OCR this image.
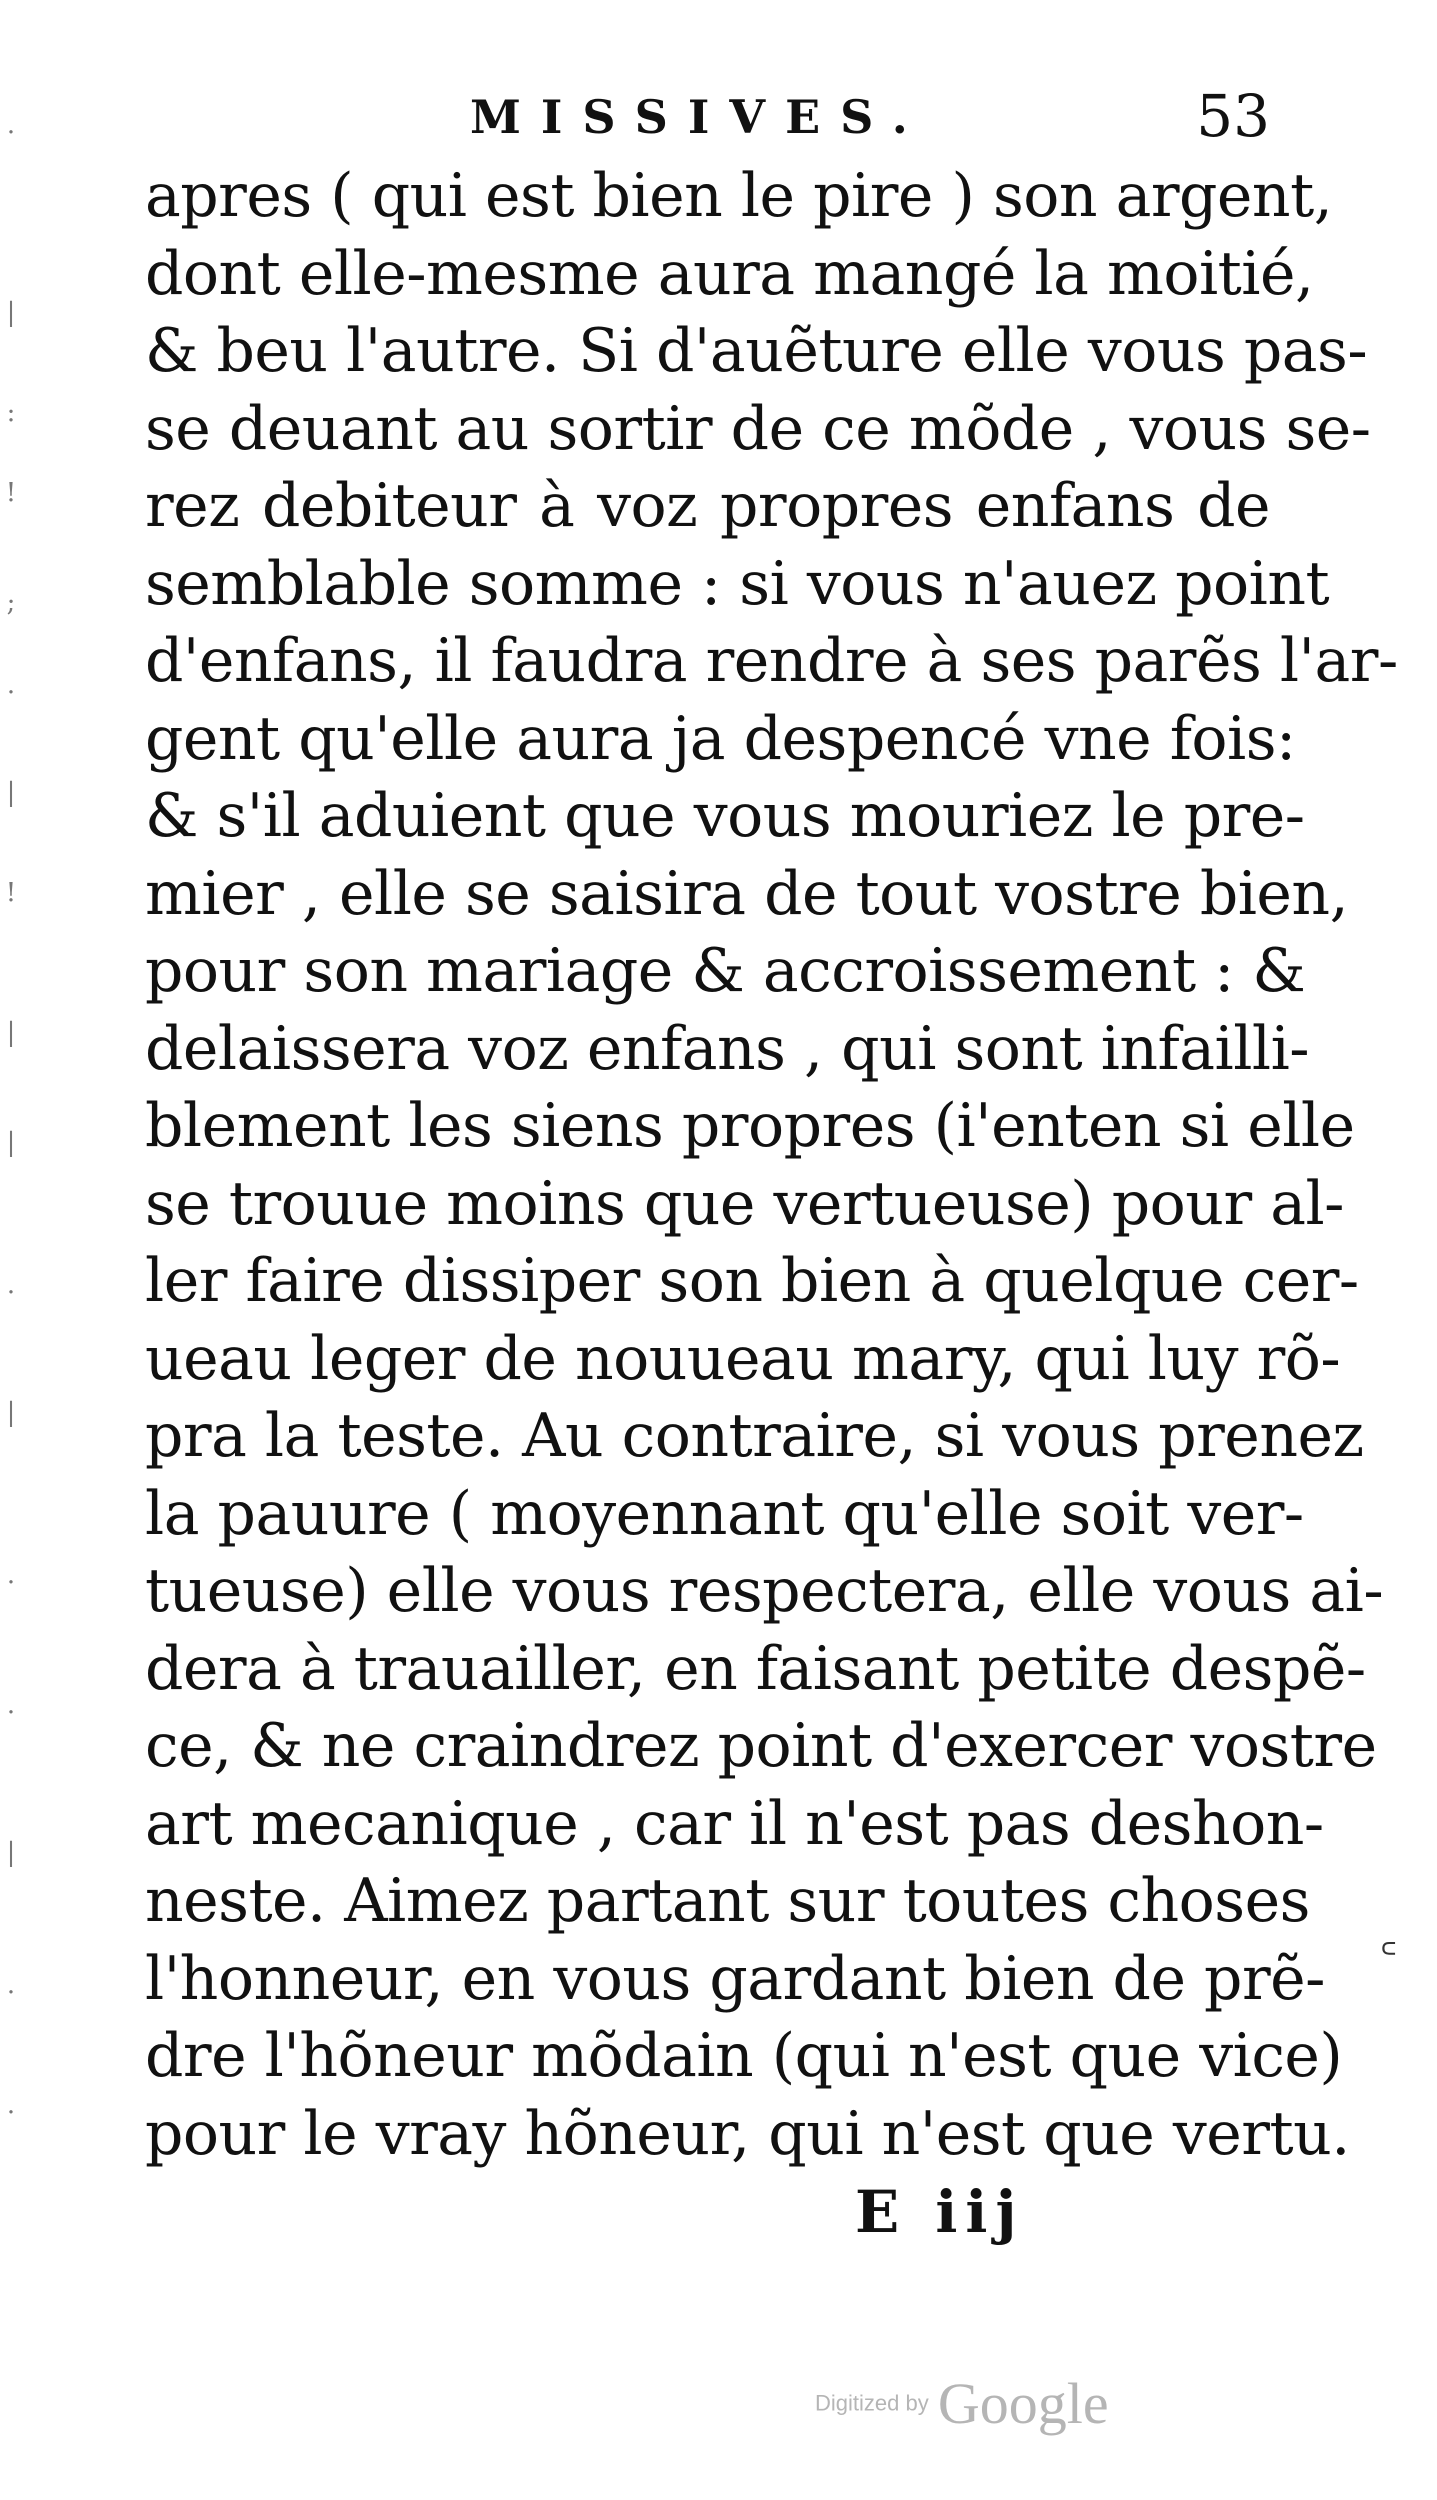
·
|
:
!
;
·
|
!
|
|
·
|
·
·
|
·
·
MISSIVES.	53
apres ( qui est bien le pire ) son argent,
dont elle-mesme aura mangé la moitié,
& beu l'autre. Si d'auẽture elle vous pas-
se deuant au sortir de ce mõde , vous se-
rez debiteur à voz propres enfans de
semblable somme : si vous n'auez point
d'enfans, il faudra rendre à ses parẽs l'ar-
gent qu'elle aura ja despencé vne fois:
& s'il aduient que vous mouriez le pre-
mier , elle se saisira de tout vostre bien,
pour son mariage & accroissement : &
delaissera voz enfans , qui sont infailli-
blement les siens propres (i'enten si elle
se trouue moins que vertueuse) pour al-
ler faire dissiper son bien à quelque cer-
ueau leger de nouueau mary, qui luy rõ-
pra la teste. Au contraire, si vous prenez
la pauure ( moyennant qu'elle soit ver-
tueuse) elle vous respectera, elle vous ai-
dera à trauailler, en faisant petite despẽ-
ce, & ne craindrez point d'exercer vostre
art mecanique , car il n'est pas deshon-
neste. Aimez partant sur toutes choses
l'honneur, en vous gardant bien de prẽ-
dre l'hõneur mõdain (qui n'est que vice)
pour le vray hõneur, qui n'est que vertu.
E iij
꜀
Digitized by Google
